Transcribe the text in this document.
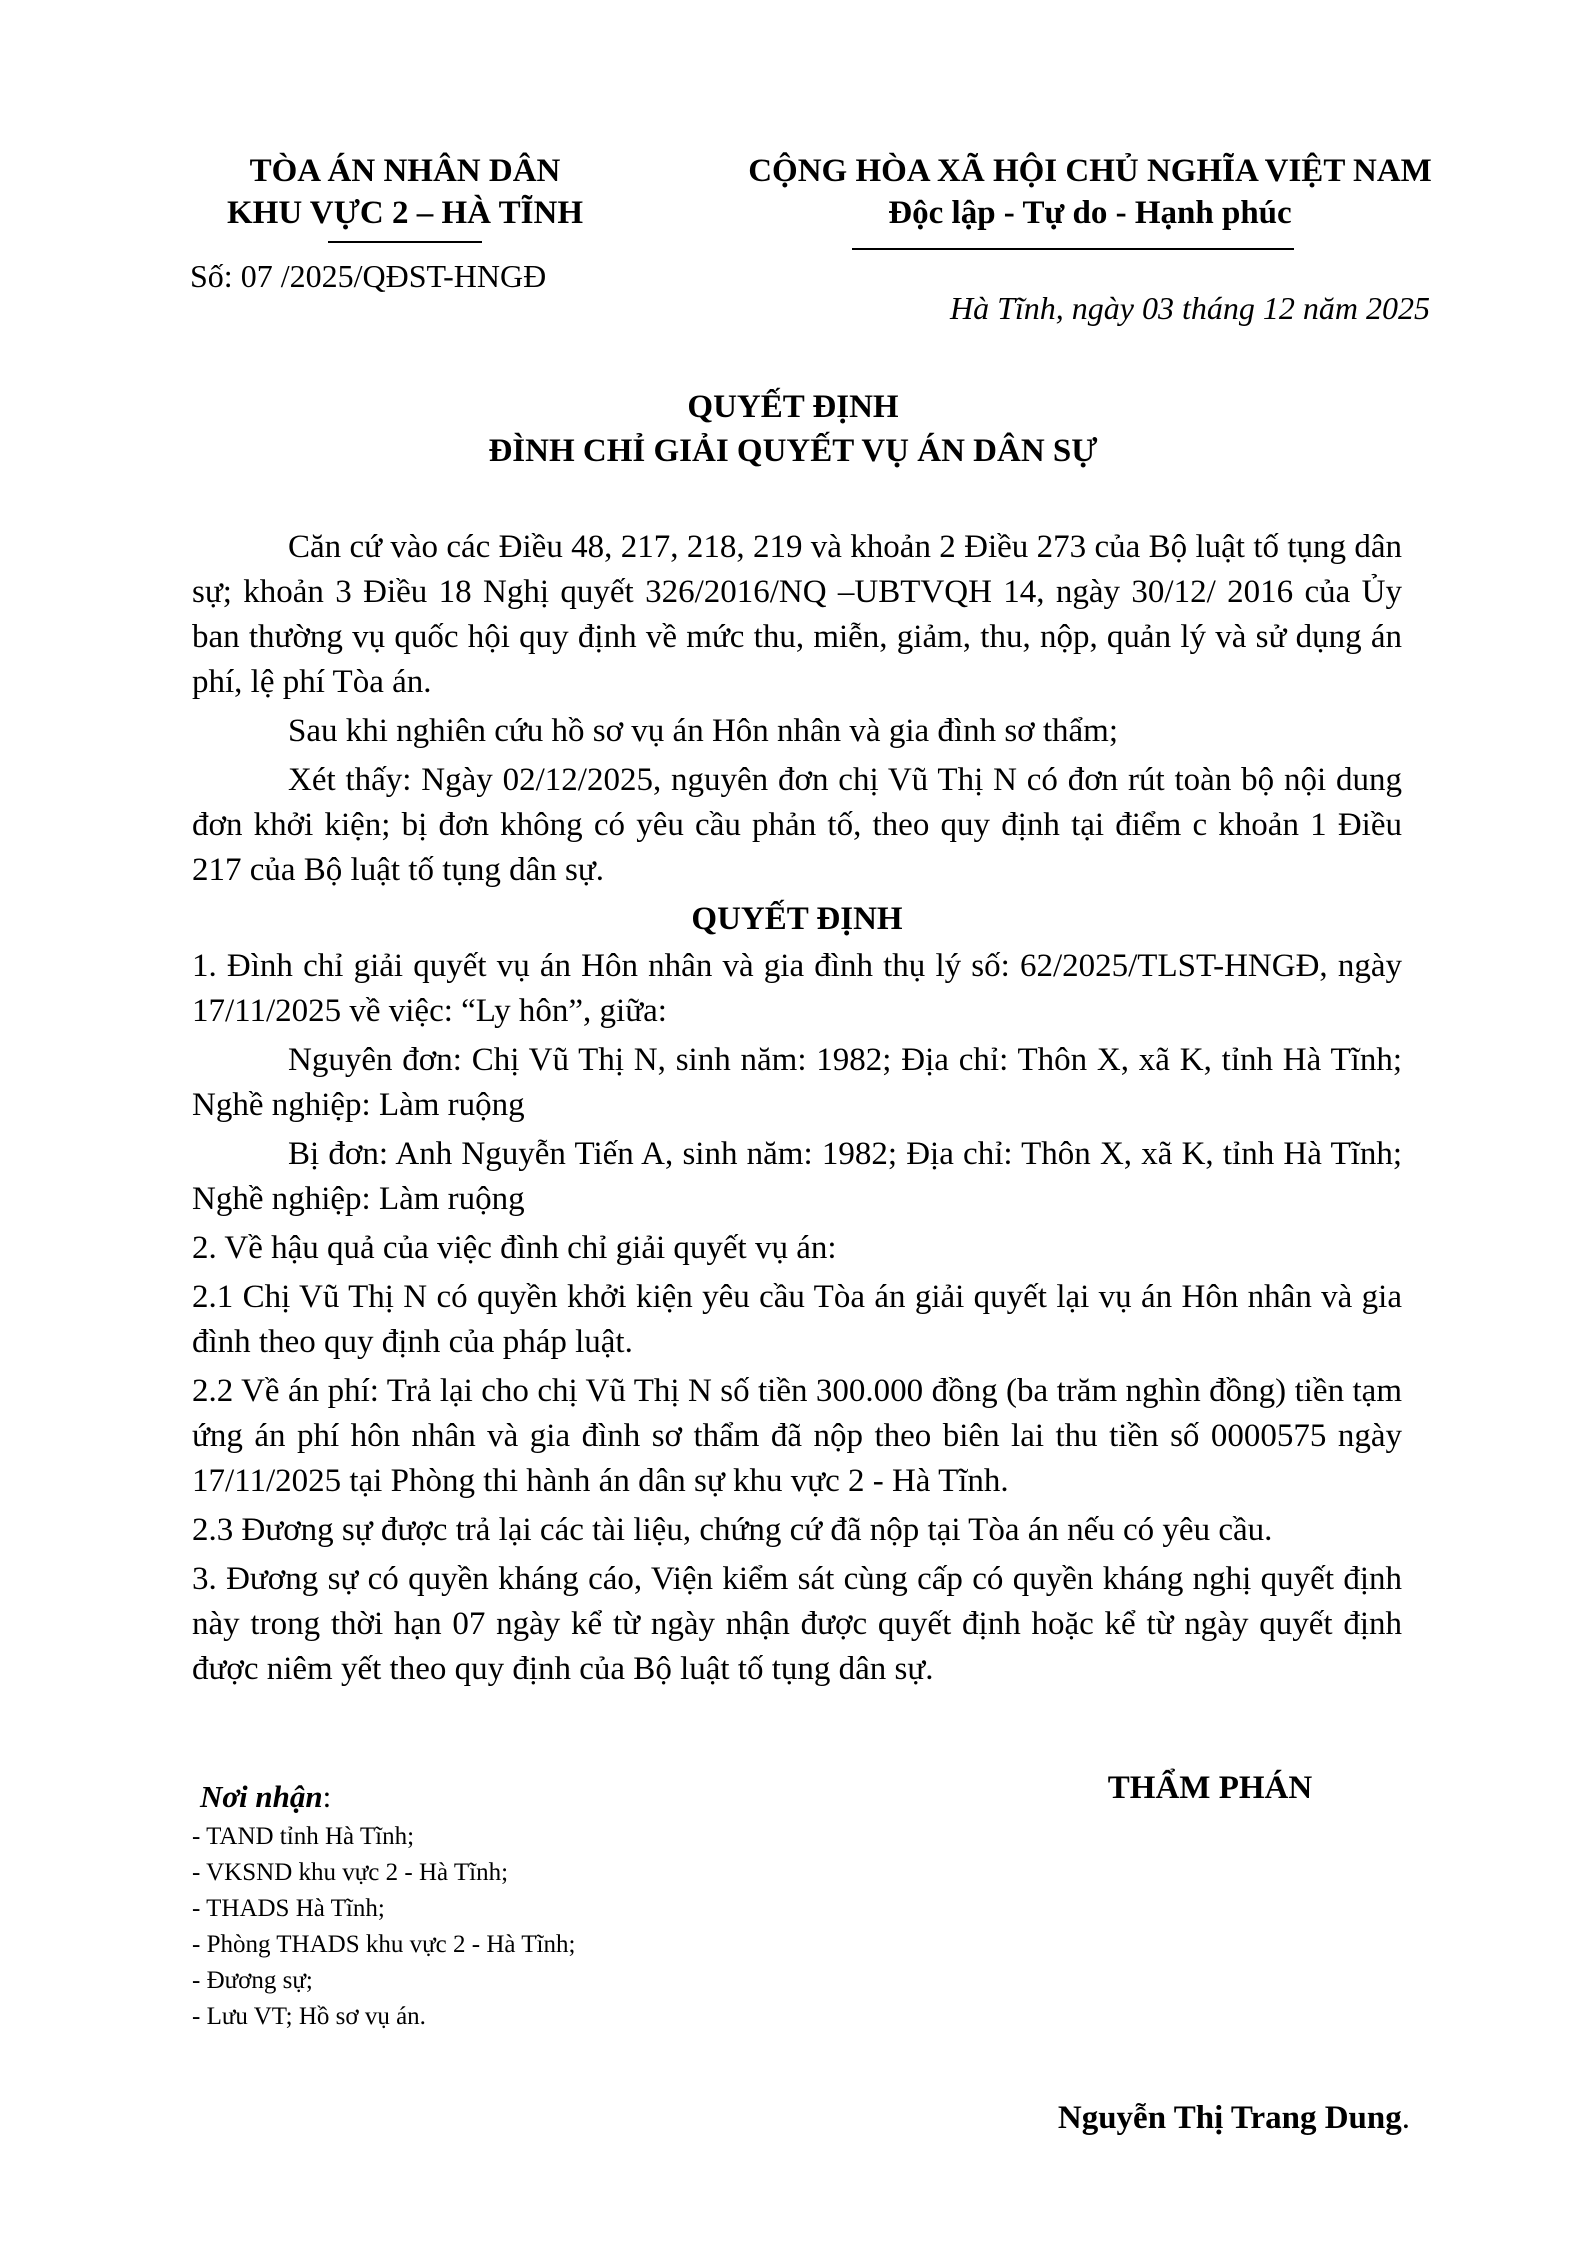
TÒA ÁN NHÂN DÂN
KHU VỰC 2 – HÀ TĨNH
Số: 07 /2025/QĐST-HNGĐ
CỘNG HÒA XÃ HỘI CHỦ NGHĨA VIỆT NAM
Độc lập - Tự do - Hạnh phúc
Hà Tĩnh, ngày 03 tháng 12 năm 2025
QUYẾT ĐỊNH
ĐÌNH CHỈ GIẢI QUYẾT VỤ ÁN DÂN SỰ

Căn cứ vào các Điều 48, 217, 218, 219 và khoản 2 Điều 273 của Bộ luật tố tụng dân sự; khoản 3 Điều 18 Nghị quyết 326/2016/NQ –UBTVQH 14, ngày 30/12/ 2016 của Ủy ban thường vụ quốc hội quy định về mức thu, miễn, giảm, thu, nộp, quản lý và sử dụng án phí, lệ phí Tòa án.

Sau khi nghiên cứu hồ sơ vụ án Hôn nhân và gia đình sơ thẩm;

Xét thấy: Ngày 02/12/2025, nguyên đơn chị Vũ Thị N có đơn rút toàn bộ nội dung đơn khởi kiện; bị đơn không có yêu cầu phản tố, theo quy định tại điểm c khoản 1 Điều 217 của Bộ luật tố tụng dân sự.

QUYẾT ĐỊNH

1. Đình chỉ giải quyết vụ án Hôn nhân và gia đình thụ lý số: 62/2025/TLST-HNGĐ, ngày 17/11/2025 về việc: “Ly hôn”, giữa:

Nguyên đơn: Chị Vũ Thị N, sinh năm: 1982; Địa chỉ: Thôn X, xã K, tỉnh Hà Tĩnh; Nghề nghiệp: Làm ruộng

Bị đơn: Anh Nguyễn Tiến A, sinh năm: 1982; Địa chỉ: Thôn X, xã K, tỉnh Hà Tĩnh; Nghề nghiệp: Làm ruộng

2. Về hậu quả của việc đình chỉ giải quyết vụ án:

2.1 Chị Vũ Thị N có quyền khởi kiện yêu cầu Tòa án giải quyết lại vụ án Hôn nhân và gia đình theo quy định của pháp luật.

2.2 Về án phí: Trả lại cho chị Vũ Thị N số tiền 300.000 đồng (ba trăm nghìn đồng) tiền tạm ứng án phí hôn nhân và gia đình sơ thẩm đã nộp theo biên lai thu tiền số 0000575 ngày 17/11/2025 tại Phòng thi hành án dân sự khu vực 2 - Hà Tĩnh.

2.3 Đương sự được trả lại các tài liệu, chứng cứ đã nộp tại Tòa án nếu có yêu cầu.

3. Đương sự có quyền kháng cáo, Viện kiểm sát cùng cấp có quyền kháng nghị quyết định này trong thời hạn 07 ngày kể từ ngày nhận được quyết định hoặc kể từ ngày quyết định được niêm yết theo quy định của Bộ luật tố tụng dân sự.

Nơi nhận:
- TAND tỉnh Hà Tĩnh;
- VKSND khu vực 2 - Hà Tĩnh;
- THADS Hà Tĩnh;
- Phòng THADS khu vực 2 - Hà Tĩnh;
- Đương sự;
- Lưu VT; Hồ sơ vụ án.
THẨM PHÁN
Nguyễn Thị Trang Dung.
